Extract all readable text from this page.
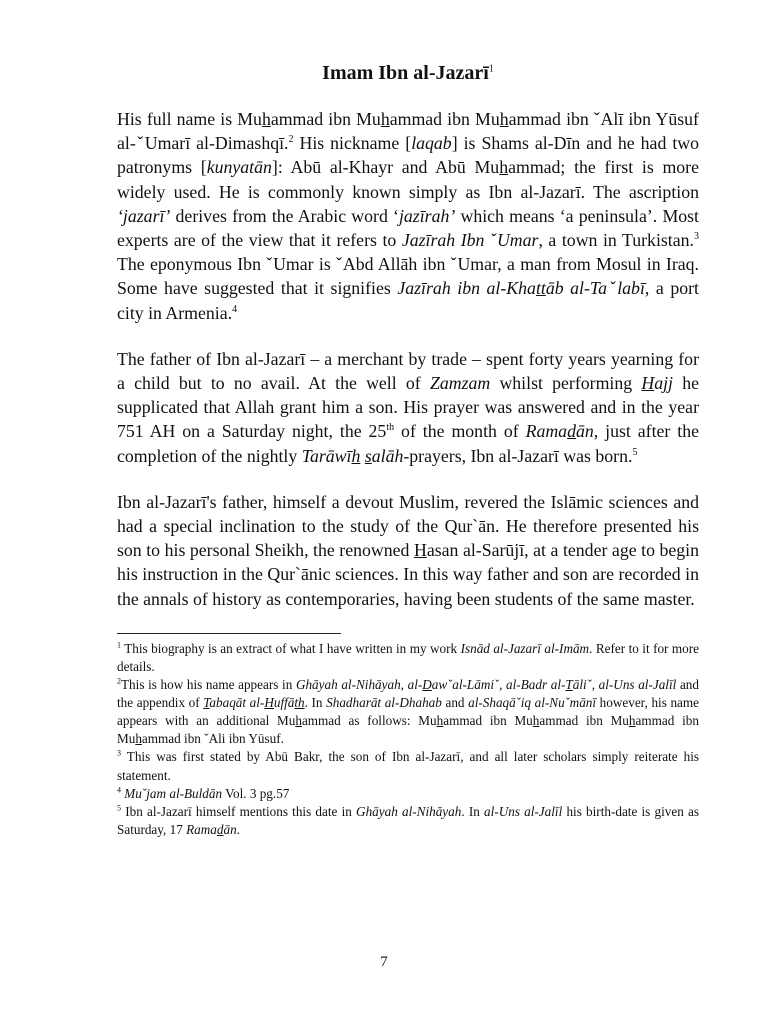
Imam Ibn al-Jazarī$^1$

His full name is Muhammad ibn Muhammad ibn Muhammad ibn ˇAlī ibn Yūsuf al-ˇUmarī al-Dimashqī.$^2$ His nickname [laqab] is Shams al-Dīn and he had two patronyms [kunyatān]: Abū al-Khayr and Abū Muhammad; the first is more widely used. He is commonly known simply as Ibn al-Jazarī. The ascription ‘jazarī’ derives from the Arabic word ‘jazīrah’ which means ‘a peninsula’. Most experts are of the view that it refers to Jazīrah Ibn ˇUmar, a town in Turkistan.$^3$ The eponymous Ibn ˇUmar is ˇAbd Allāh ibn ˇUmar, a man from Mosul in Iraq. Some have suggested that it signifies Jazīrah ibn al-Khattāb al-Taˇlabī, a port city in Armenia.$^4$

The father of Ibn al-Jazarī – a merchant by trade – spent forty years yearning for a child but to no avail. At the well of Zamzam whilst performing Hajj he supplicated that Allah grant him a son. His prayer was answered and in the year 751 AH on a Saturday night, the 25th of the month of Ramadān, just after the completion of the nightly Tarāwīh salāh-prayers, Ibn al-Jazarī was born.$^5$

Ibn al-Jazarī's father, himself a devout Muslim, revered the Islāmic sciences and had a special inclination to the study of the Qur`ān. He therefore presented his son to his personal Sheikh, the renowned Hasan al-Sarūjī, at a tender age to begin his instruction in the Qur`ānic sciences. In this way father and son are recorded in the annals of history as contemporaries, having been students of the same master.

$^1$ This biography is an extract of what I have written in my work Isnād al-Jazarī al-Imām. Refer to it for more details.

$^2$This is how his name appears in Ghāyah al-Nihāyah, al-Dawˇal-Lāmiˇ, al-Badr al-Tāliˇ, al-Uns al-Jalīl and the appendix of Tabaqāt al-Huffāth. In Shadharāt al-Dhahab and al-Shaqāˇiq al-Nuˇmānī however, his name appears with an additional Muhammad as follows: Muhammad ibn Muhammad ibn Muhammad ibn Muhammad ibn ˇAli ibn Yūsuf.

$^3$ This was first stated by Abū Bakr, the son of Ibn al-Jazarī, and all later scholars simply reiterate his statement.

$^4$ Muˇjam al-Buldān Vol. 3 pg.57

$^5$ Ibn al-Jazarī himself mentions this date in Ghāyah al-Nihāyah. In al-Uns al-Jalīl his birth-date is given as Saturday, 17 Ramadān.

7
